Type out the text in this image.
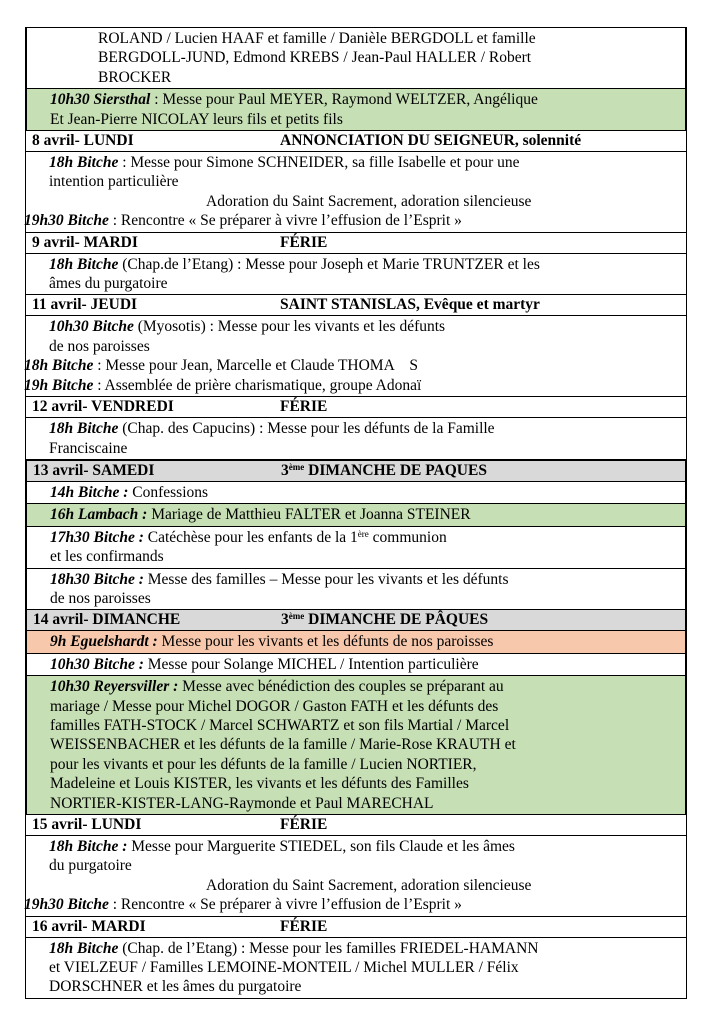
ROLAND / Lucien HAAF et famille / Danièle BERGDOLL et famille
BERGDOLL-JUND, Edmond KREBS / Jean-Paul HALLER / Robert
BROCKER
10h30 Siersthal : Messe pour Paul MEYER, Raymond WELTZER, Angélique
Et Jean-Pierre NICOLAY leurs fils et petits fils
8 avril- LUNDI	ANNONCIATION DU SEIGNEUR, solennité
18h Bitche : Messe pour Simone SCHNEIDER, sa fille Isabelle et pour une
intention particulière
Adoration du Saint Sacrement, adoration silencieuse
19h30 Bitche : Rencontre « Se préparer à vivre l’effusion de l’Esprit »
9 avril- MARDI	FÉRIE
18h Bitche (Chap.de l’Etang) : Messe pour Joseph et Marie TRUNTZER et les
âmes du purgatoire
11 avril- JEUDI	SAINT STANISLAS, Evêque et martyr
10h30 Bitche (Myosotis) : Messe pour les vivants et les défunts
de nos paroisses
18h Bitche : Messe pour Jean, Marcelle et Claude THOMA    S
19h Bitche : Assemblée de prière charismatique, groupe Adonaï
12 avril- VENDREDI	FÉRIE
18h Bitche (Chap. des Capucins) : Messe pour les défunts de la Famille
Franciscaine
13 avril- SAMEDI	3ème DIMANCHE DE PAQUES
14h Bitche : Confessions
16h Lambach : Mariage de Matthieu FALTER et Joanna STEINER
17h30 Bitche : Catéchèse pour les enfants de la 1ère communion
et les confirmands
18h30 Bitche : Messe des familles – Messe pour les vivants et les défunts
de nos paroisses
14 avril- DIMANCHE	3ème DIMANCHE DE PÂQUES
9h Eguelshardt : Messe pour les vivants et les défunts de nos paroisses
10h30 Bitche : Messe pour Solange MICHEL / Intention particulière
10h30 Reyersviller : Messe avec bénédiction des couples se préparant au
mariage / Messe pour Michel DOGOR / Gaston FATH et les défunts des
familles FATH-STOCK / Marcel SCHWARTZ et son fils Martial / Marcel
WEISSENBACHER et les défunts de la famille / Marie-Rose KRAUTH et
pour les vivants et pour les défunts de la famille / Lucien NORTIER,
Madeleine et Louis KISTER, les vivants et les défunts des Familles
NORTIER-KISTER-LANG-Raymonde et Paul MARECHAL
15 avril- LUNDI	FÉRIE
18h Bitche : Messe pour Marguerite STIEDEL, son fils Claude et les âmes
du purgatoire
Adoration du Saint Sacrement, adoration silencieuse
19h30 Bitche : Rencontre « Se préparer à vivre l’effusion de l’Esprit »
16 avril- MARDI	FÉRIE
18h Bitche (Chap. de l’Etang) : Messe pour les familles FRIEDEL-HAMANN
et VIELZEUF / Familles LEMOINE-MONTEIL / Michel MULLER / Félix
DORSCHNER et les âmes du purgatoire
